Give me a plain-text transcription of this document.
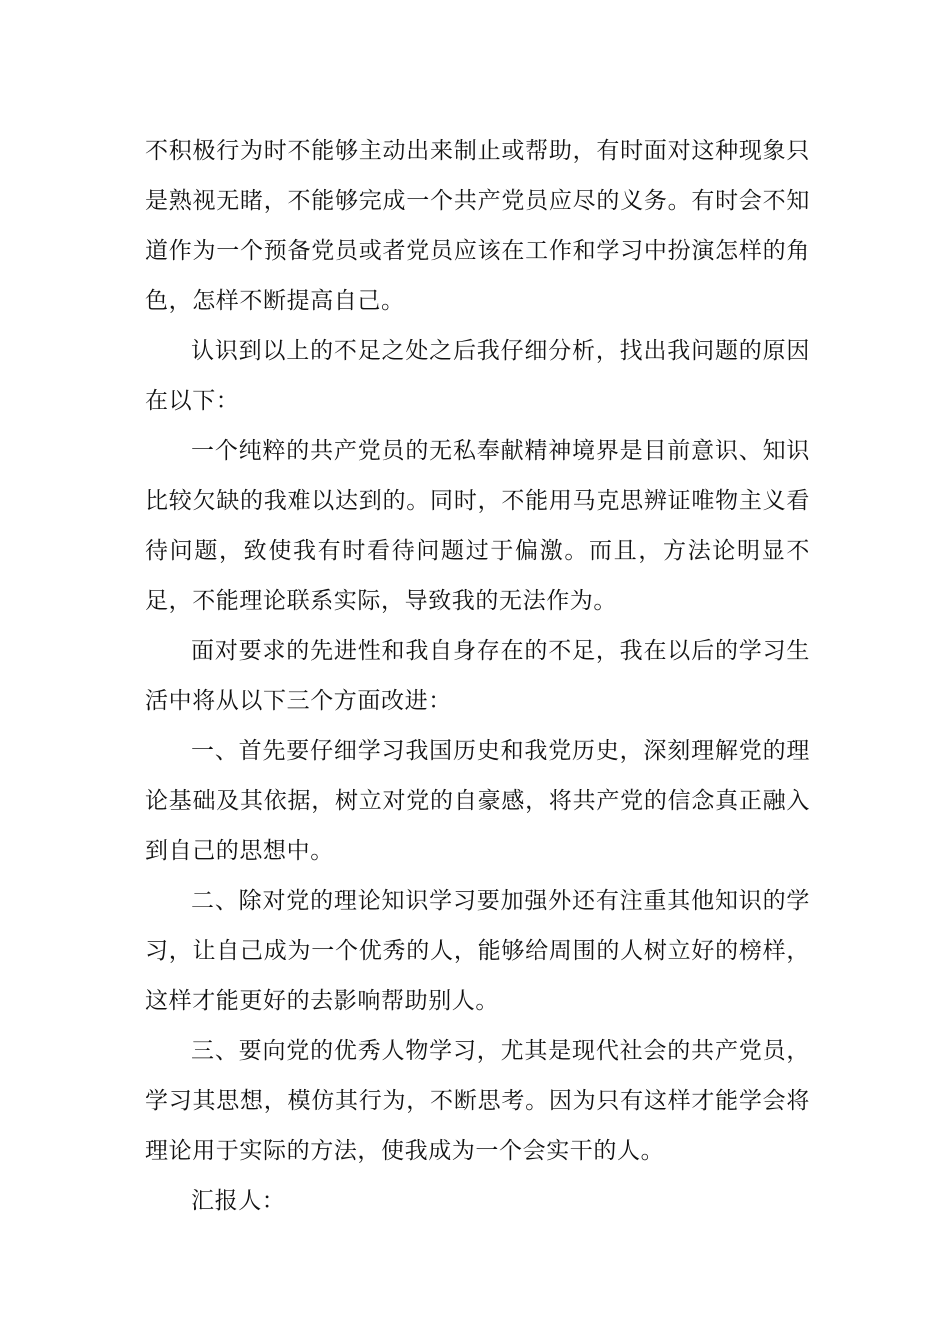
不积极行为时不能够主动出来制止或帮助，有时面对这种现象只是熟视无睹，不能够完成一个共产党员应尽的义务。有时会不知道作为一个预备党员或者党员应该在工作和学习中扮演怎样的角色，怎样不断提高自己。

认识到以上的不足之处之后我仔细分析，找出我问题的原因在以下：

一个纯粹的共产党员的无私奉献精神境界是目前意识、知识比较欠缺的我难以达到的。同时，不能用马克思辨证唯物主义看待问题，致使我有时看待问题过于偏激。而且，方法论明显不足，不能理论联系实际，导致我的无法作为。

面对要求的先进性和我自身存在的不足，我在以后的学习生活中将从以下三个方面改进：

一、首先要仔细学习我国历史和我党历史，深刻理解党的理论基础及其依据，树立对党的自豪感，将共产党的信念真正融入到自己的思想中。

二、除对党的理论知识学习要加强外还有注重其他知识的学习，让自己成为一个优秀的人，能够给周围的人树立好的榜样，这样才能更好的去影响帮助别人。

三、要向党的优秀人物学习，尤其是现代社会的共产党员，学习其思想，模仿其行为，不断思考。因为只有这样才能学会将理论用于实际的方法，使我成为一个会实干的人。

汇报人：
